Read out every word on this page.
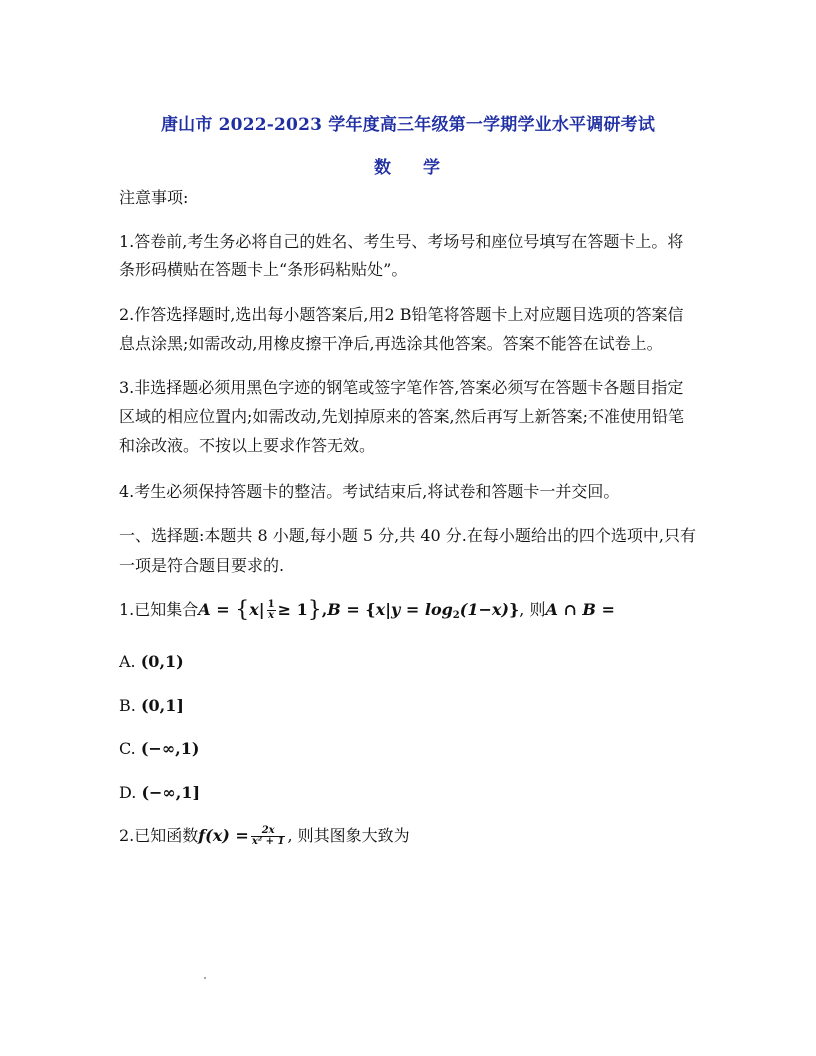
唐山市 2022-2023 学年度高三年级第一学期学业水平调研考试
数 学
注意事项:
1.答卷前,考生务必将自己的姓名、考生号、考场号和座位号填写在答题卡上。将
条形码横贴在答题卡上“条形码粘贴处”。
2.作答选择题时,选出每小题答案后,用2 B铅笔将答题卡上对应题目选项的答案信
息点涂黑;如需改动,用橡皮擦干净后,再选涂其他答案。答案不能答在试卷上。
3.非选择题必须用黑色字迹的钢笔或签字笔作答,答案必须写在答题卡各题目指定
区域的相应位置内;如需改动,先划掉原来的答案,然后再写上新答案;不准使用铅笔
和涂改液。不按以上要求作答无效。
4.考生必须保持答题卡的整洁。考试结束后,将试卷和答题卡一并交回。
一、选择题:本题共 8 小题,每小题 5 分,共 40 分.在每小题给出的四个选项中,只有
一项是符合题目要求的.
1.已知集合$A = \{x| \frac{1}{x} \ge 1\},B = \{x|y = \log_2(1-x)\}$, 则A ∩ B =
A. (0,1)
B. (0,1]
C. (−∞,1)
D. (−∞,1]
2.已知函数$f(x) = \frac{2x}{\text{x² + 1}}$ , 则其图象大致为
